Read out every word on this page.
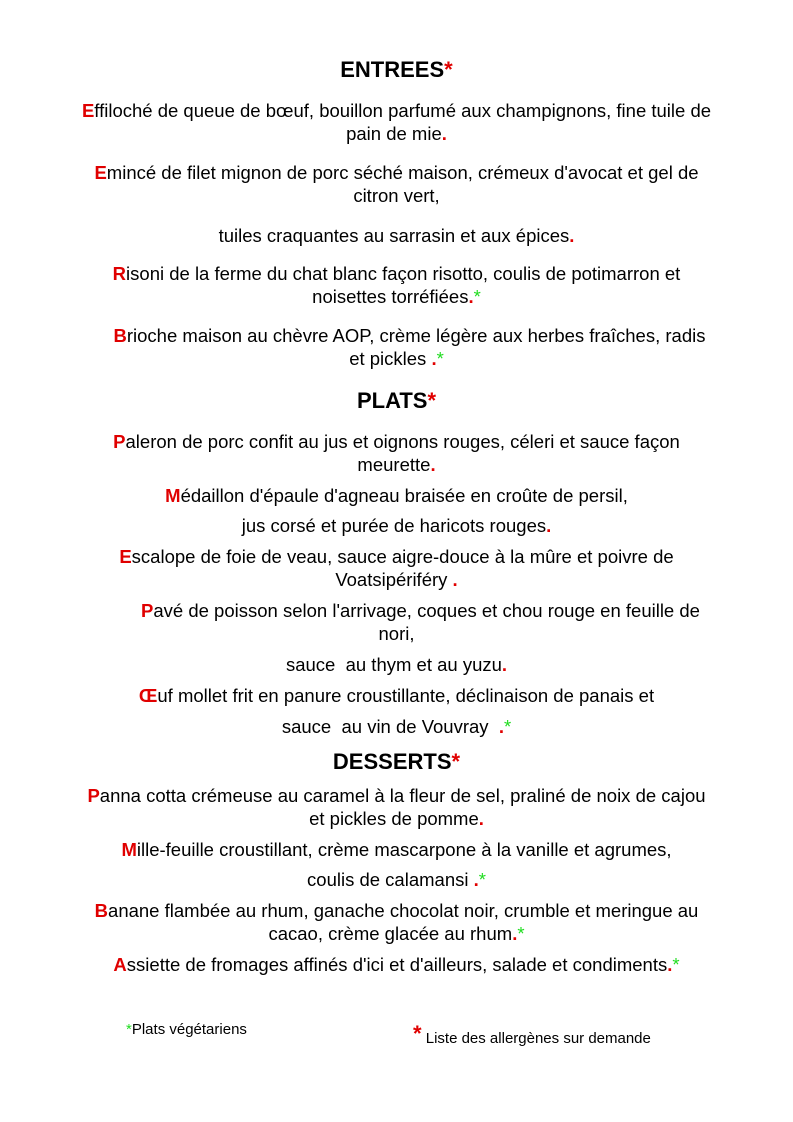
*Plats végétariens	* Liste des allergènes sur demande
ENTREES*
Effiloché de queue de bœuf, bouillon parfumé aux champignons, fine tuile de
pain de mie.
Emincé de filet mignon de porc séché maison, crémeux d'avocat et gel de
citron vert,
tuiles craquantes au sarrasin et aux épices.
Risoni de la ferme du chat blanc façon risotto, coulis de potimarron et
noisettes torréfiées.*
Brioche maison au chèvre AOP, crème légère aux herbes fraîches, radis
et pickles .*
PLATS*
Paleron de porc confit au jus et oignons rouges, céleri et sauce façon
meurette.
Médaillon d'épaule d'agneau braisée en croûte de persil,
jus corsé et purée de haricots rouges.
Escalope de foie de veau, sauce aigre-douce à la mûre et poivre de
Voatsipériféry .
Pavé de poisson selon l'arrivage, coques et chou rouge en feuille de
nori,
sauce  au thym et au yuzu.
Œuf mollet frit en panure croustillante, déclinaison de panais et
sauce  au vin de Vouvray  .*
DESSERTS*
Panna cotta crémeuse au caramel à la fleur de sel, praliné de noix de cajou
et pickles de pomme.
Mille-feuille croustillant, crème mascarpone à la vanille et agrumes,
coulis de calamansi .*
Banane flambée au rhum, ganache chocolat noir, crumble et meringue au
cacao, crème glacée au rhum.*
Assiette de fromages affinés d'ici et d'ailleurs, salade et condiments.*
